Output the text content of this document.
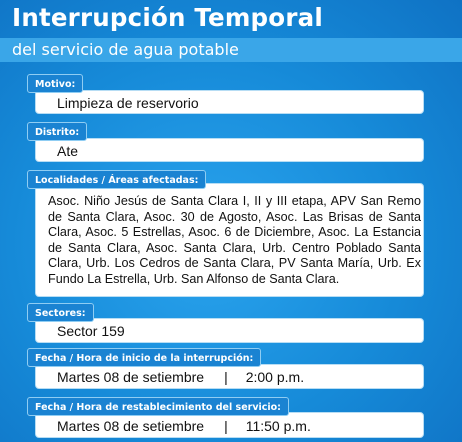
Interrupción Temporal
del servicio de agua potable
Limpieza de reservorio
Motivo:
Ate
Distrito:
Asoc. Niño Jesús de Santa Clara I, II y III etapa, APV San Remo de Santa Clara, Asoc. 30 de Agosto, Asoc. Las Brisas de Santa Clara, Asoc. 5 Estrellas, Asoc. 6 de Diciembre, Asoc. La Estancia de Santa Clara, Asoc. Santa Clara, Urb. Centro Poblado Santa Clara, Urb. Los Cedros de Santa Clara, PV Santa María, Urb. Ex Fundo La Estrella, Urb. San Alfonso de Santa Clara.
Localidades / Áreas afectadas:
Sector 159
Sectores:
Martes 08 de setiembre | 2:00 p.m.
Fecha / Hora de inicio de la interrupción:
Martes 08 de setiembre | 11:50 p.m.
Fecha / Hora de restablecimiento del servicio:
